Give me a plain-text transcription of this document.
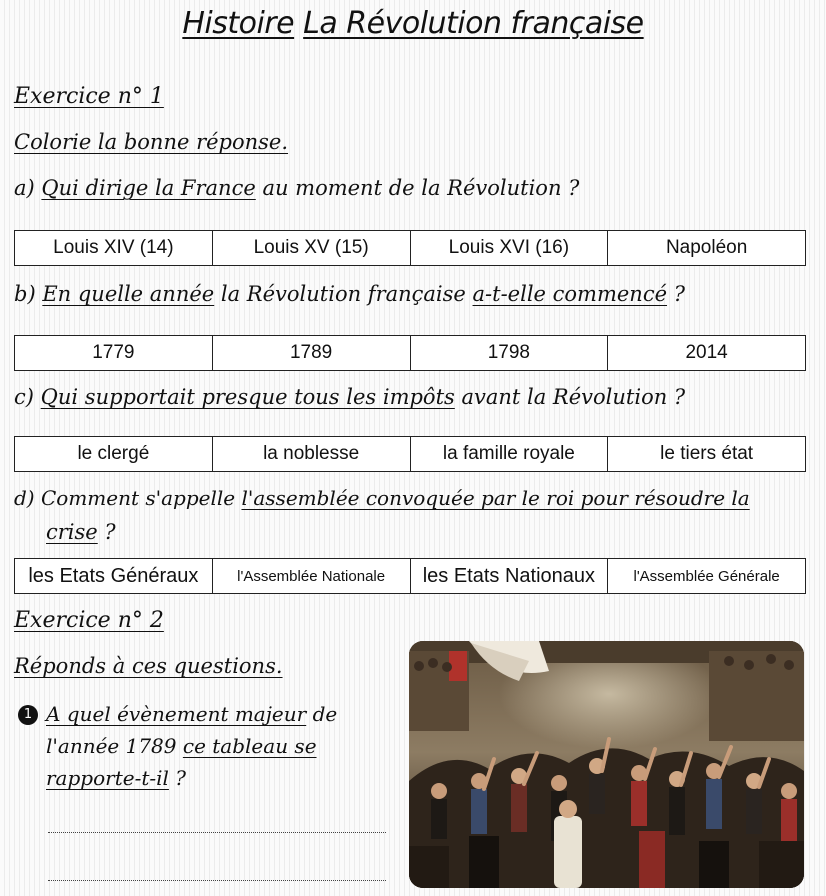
Histoire La Révolution française
Exercice n° 1
Colorie la bonne réponse.
a) Qui dirige la France au moment de la Révolution ?
Louis XIV (14)	Louis XV (15)	Louis XVI (16)	Napoléon
b) En quelle année la Révolution française a-t-elle commencé ?
1779	1789	1798	2014
c) Qui supportait presque tous les impôts avant la Révolution ?
le clergé	la noblesse	la famille royale	le tiers état
d) Comment s'appelle l'assemblée convoquée par le roi pour résoudre la
crise ?
les Etats Généraux	l'Assemblée Nationale	les Etats Nationaux	l'Assemblée Générale
Exercice n° 2
Réponds à ces questions.
1 A quel évènement majeur de
l'année 1789 ce tableau se
rapporte-t-il ?
